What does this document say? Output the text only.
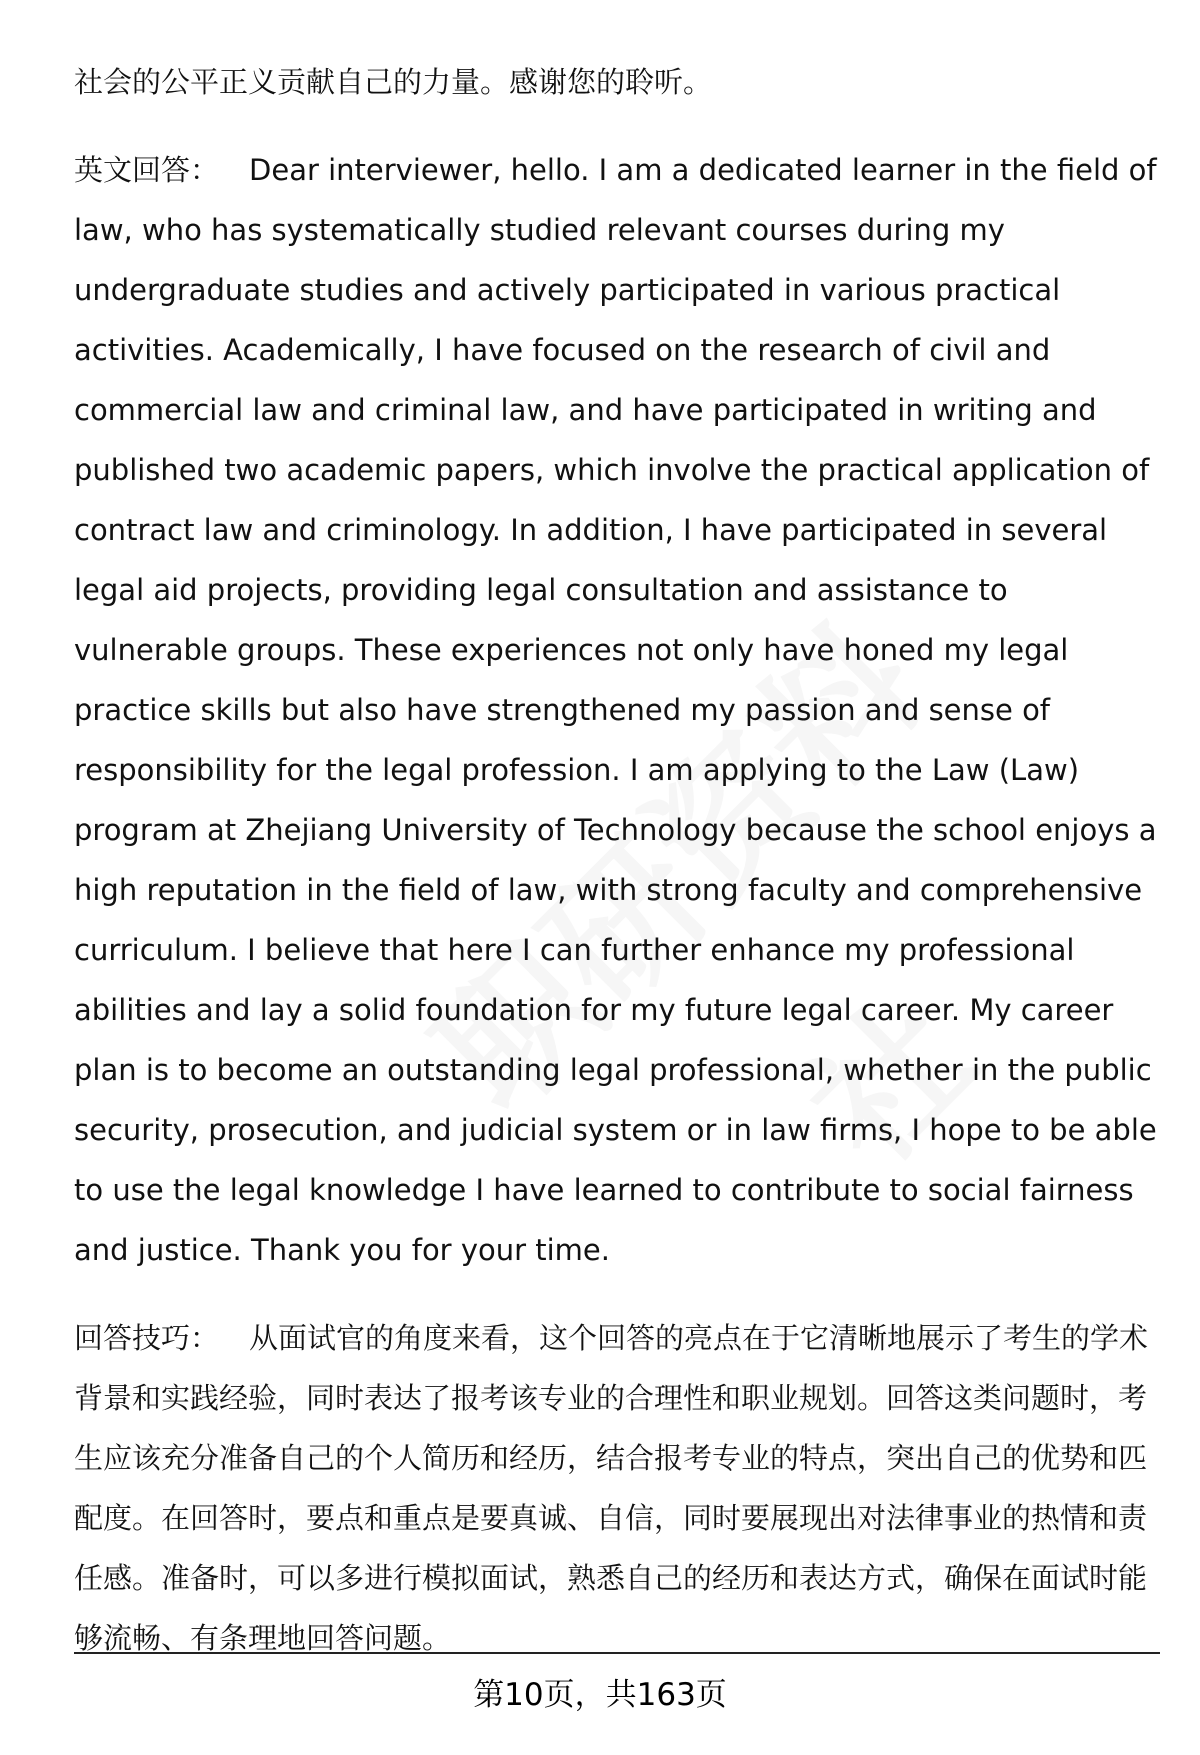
社会的公平正义贡献自己的力量。感谢您的聆听。

英文回答： Dear interviewer, hello. I am a dedicated learner in the field of law, who has systematically studied relevant courses during my undergraduate studies and actively participated in various practical activities. Academically, I have focused on the research of civil and commercial law and criminal law, and have participated in writing and published two academic papers, which involve the practical application of contract law and criminology. In addition, I have participated in several legal aid projects, providing legal consultation and assistance to vulnerable groups. These experiences not only have honed my legal practice skills but also have strengthened my passion and sense of responsibility for the legal profession. I am applying to the Law (Law) program at Zhejiang University of Technology because the school enjoys a high reputation in the field of law, with strong faculty and comprehensive curriculum. I believe that here I can further enhance my professional abilities and lay a solid foundation for my future legal career. My career plan is to become an outstanding legal professional, whether in the public security, prosecution, and judicial system or in law firms, I hope to be able to use the legal knowledge I have learned to contribute to social fairness and justice. Thank you for your time.

回答技巧： 从面试官的角度来看，这个回答的亮点在于它清晰地展示了考生的学术背景和实践经验，同时表达了报考该专业的合理性和职业规划。回答这类问题时，考生应该充分准备自己的个人简历和经历，结合报考专业的特点，突出自己的优势和匹配度。在回答时，要点和重点是要真诚、自信，同时要展现出对法律事业的热情和责任感。准备时，可以多进行模拟面试，熟悉自己的经历和表达方式，确保在面试时能够流畅、有条理地回答问题。

第10页，共163页
